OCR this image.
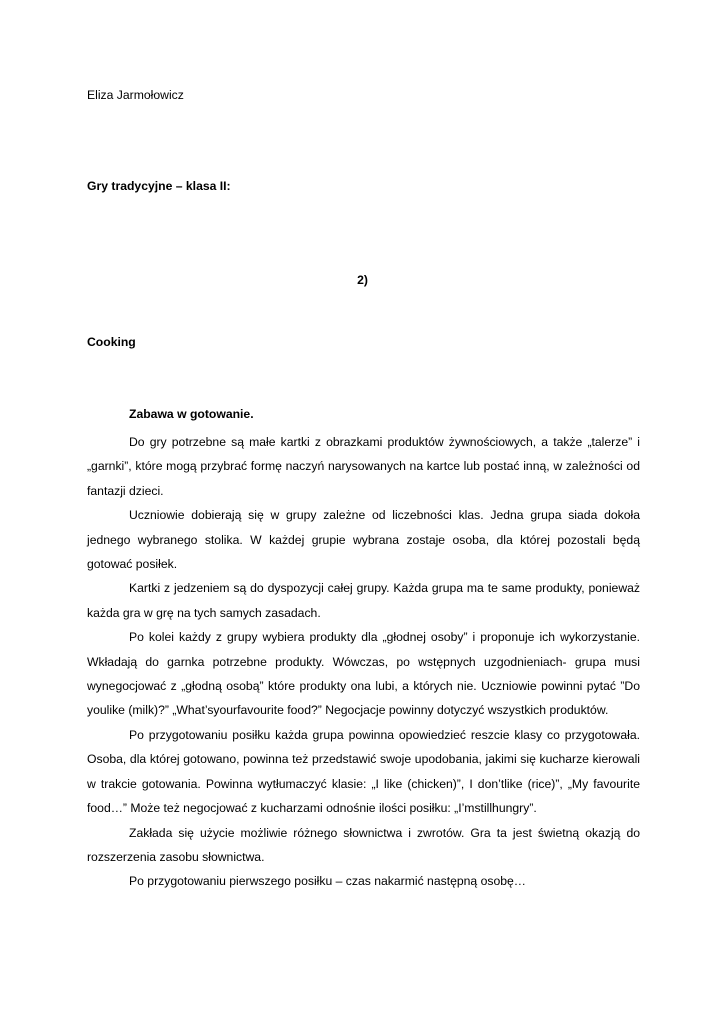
Eliza Jarmołowicz
Gry tradycyjne – klasa II:
2)
Cooking
Zabawa w gotowanie.

Do gry potrzebne są małe kartki z obrazkami produktów żywnościowych, a także „talerze” i „garnki”, które mogą przybrać formę naczyń narysowanych na kartce lub postać inną, w zależności od fantazji dzieci.

Uczniowie dobierają się w grupy zależne od liczebności klas. Jedna grupa siada dokoła jednego wybranego stolika. W każdej grupie wybrana zostaje osoba, dla której pozostali będą gotować posiłek.

Kartki z jedzeniem są do dyspozycji całej grupy. Każda grupa ma te same produkty, ponieważ każda gra w grę na tych samych zasadach.

Po kolei każdy z grupy wybiera produkty dla „głodnej osoby” i proponuje ich wykorzystanie. Wkładają do garnka potrzebne produkty. Wówczas, po wstępnych uzgodnieniach- grupa musi wynegocjować z „głodną osobą” które produkty ona lubi, a których nie. Uczniowie powinni pytać ”Do youlike (milk)?” „What’syourfavourite food?” Negocjacje powinny dotyczyć wszystkich produktów.

Po przygotowaniu posiłku każda grupa powinna opowiedzieć reszcie klasy co przygotowała. Osoba, dla której gotowano, powinna też przedstawić swoje upodobania, jakimi się kucharze kierowali w trakcie gotowania. Powinna wytłumaczyć klasie: „I like (chicken)”, I don’tlike (rice)”, „My favourite food…” Może też negocjować z kucharzami odnośnie ilości posiłku: „I’mstillhungry”.

Zakłada się użycie możliwie różnego słownictwa i zwrotów. Gra ta jest świetną okazją do rozszerzenia zasobu słownictwa.

Po przygotowaniu pierwszego posiłku – czas nakarmić następną osobę…
